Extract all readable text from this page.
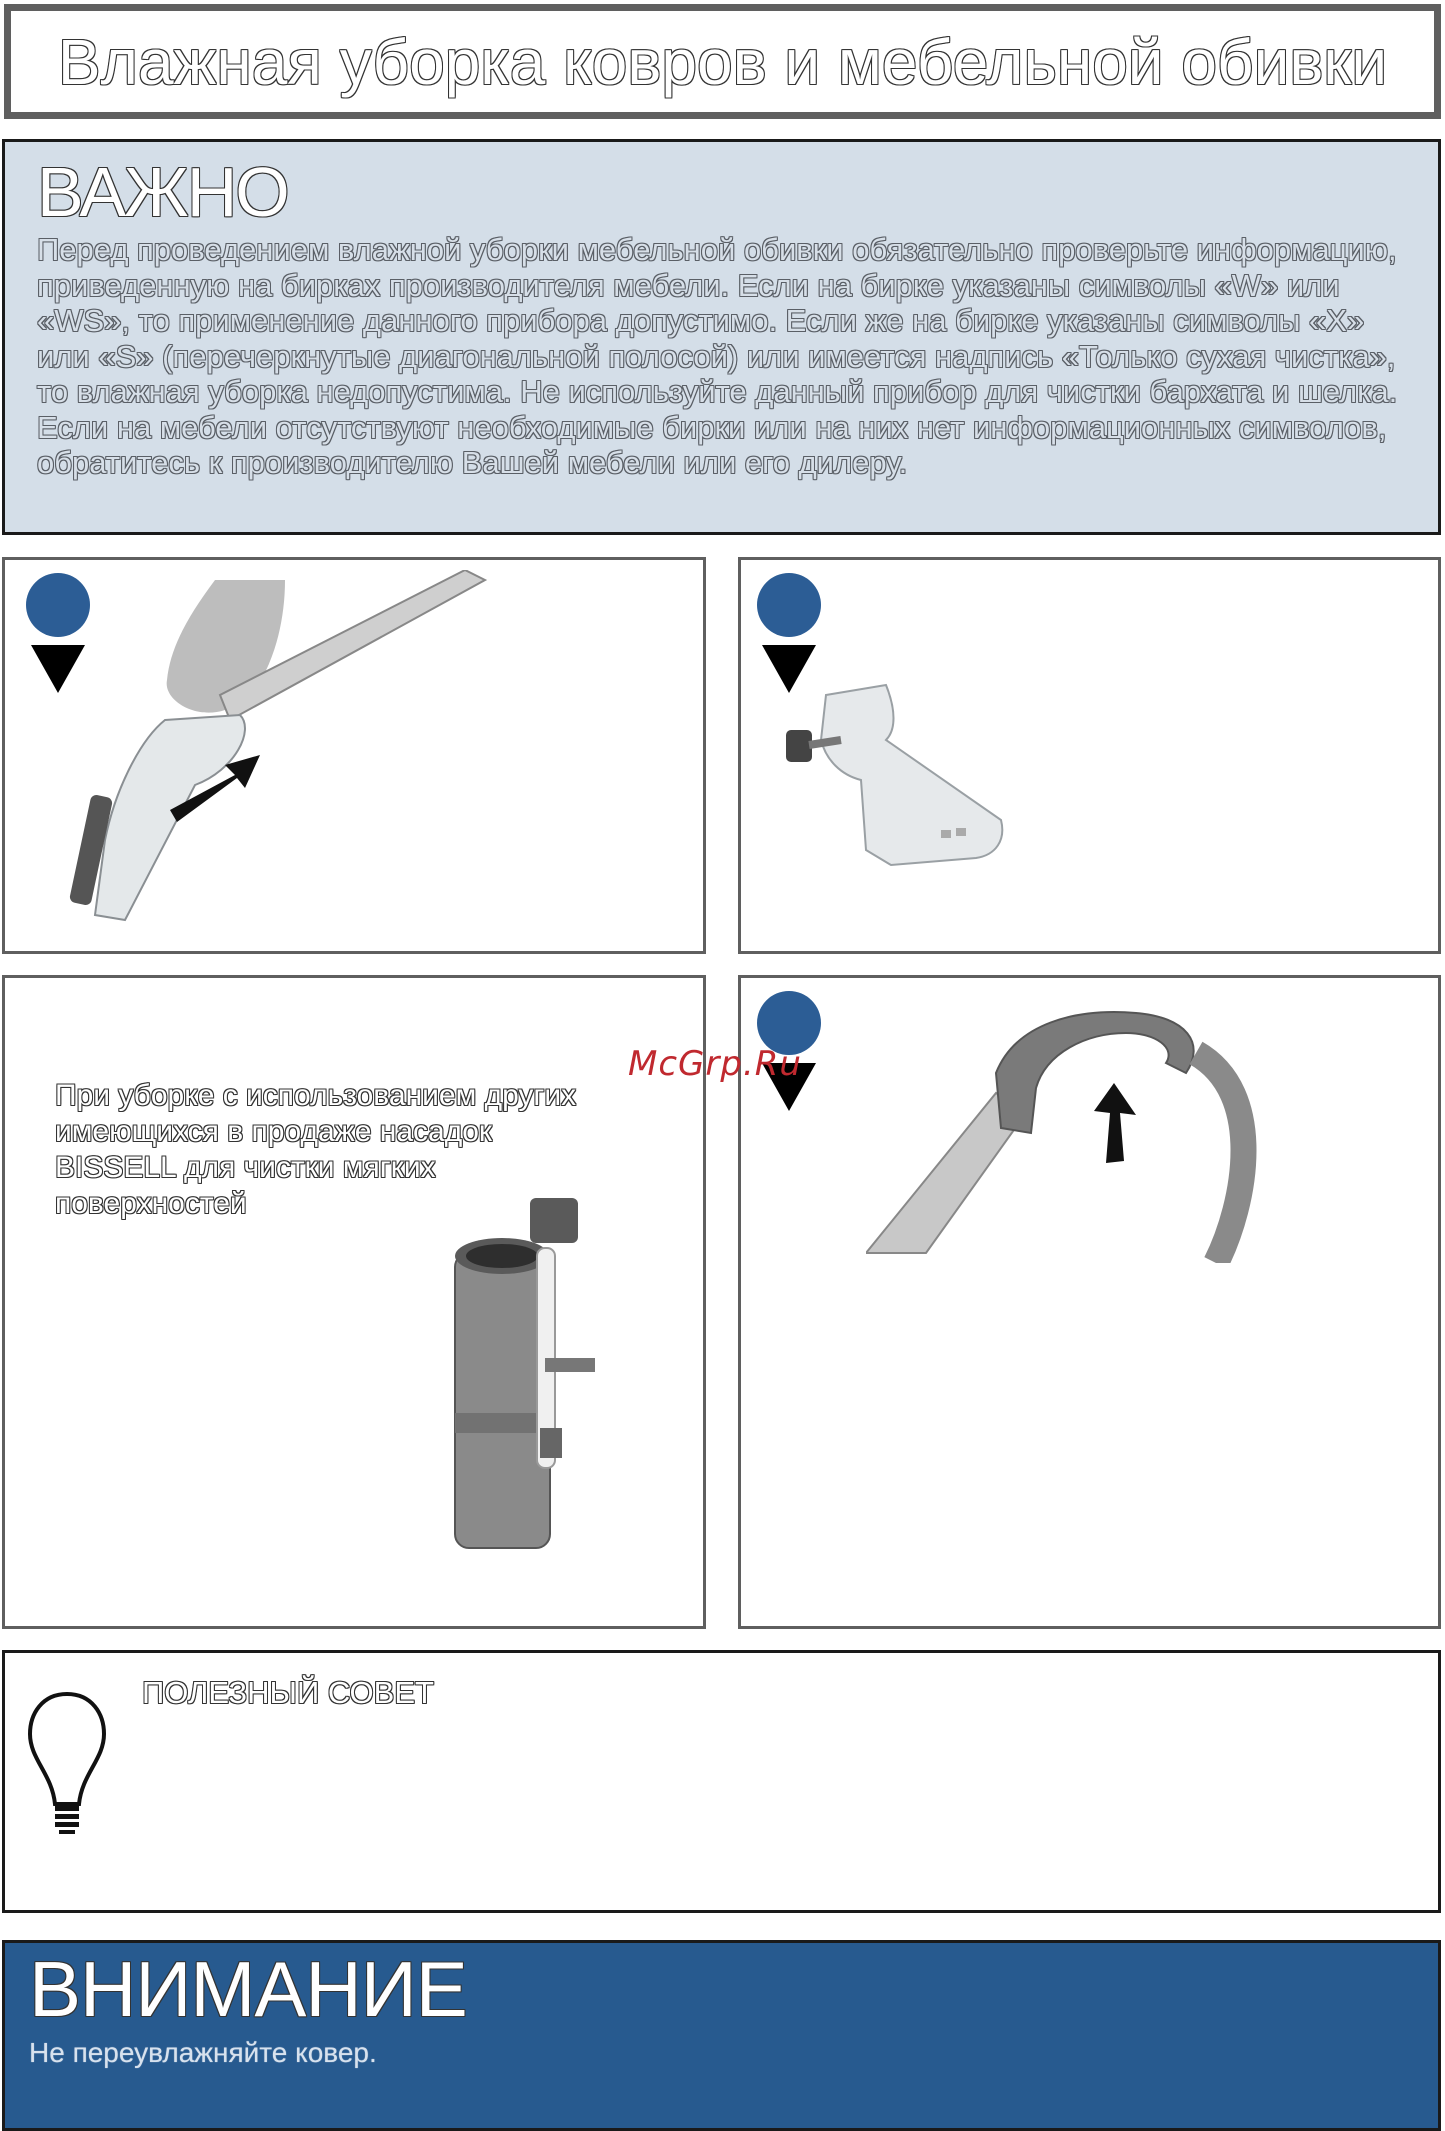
Влажная уборка ковров и мебельной обивки
ВАЖНО

Перед проведением влажной уборки мебельной обивки обязательно проверьте информацию, приведенную на бирках производителя мебели. Если на бирке указаны символы «W» или «WS», то применение данного прибора допустимо. Если же на бирке указаны символы «X» или «S» (перечеркнутые диагональной полосой) или имеется надпись «Только сухая чистка», то влажная уборка недопустима. Не используйте данный прибор для чистки бархата и шелка. Если на мебели отсутствуют необходимые бирки или на них нет информационных символов, обратитесь к производителю Вашей мебели или его дилеру.

При уборке с использованием других имеющихся в продаже насадок BISSELL для чистки мягких поверхностей
McGrp.Ru
ПОЛЕЗНЫЙ СОВЕТ
ВНИМАНИЕ

Не переувлажняйте ковер.
